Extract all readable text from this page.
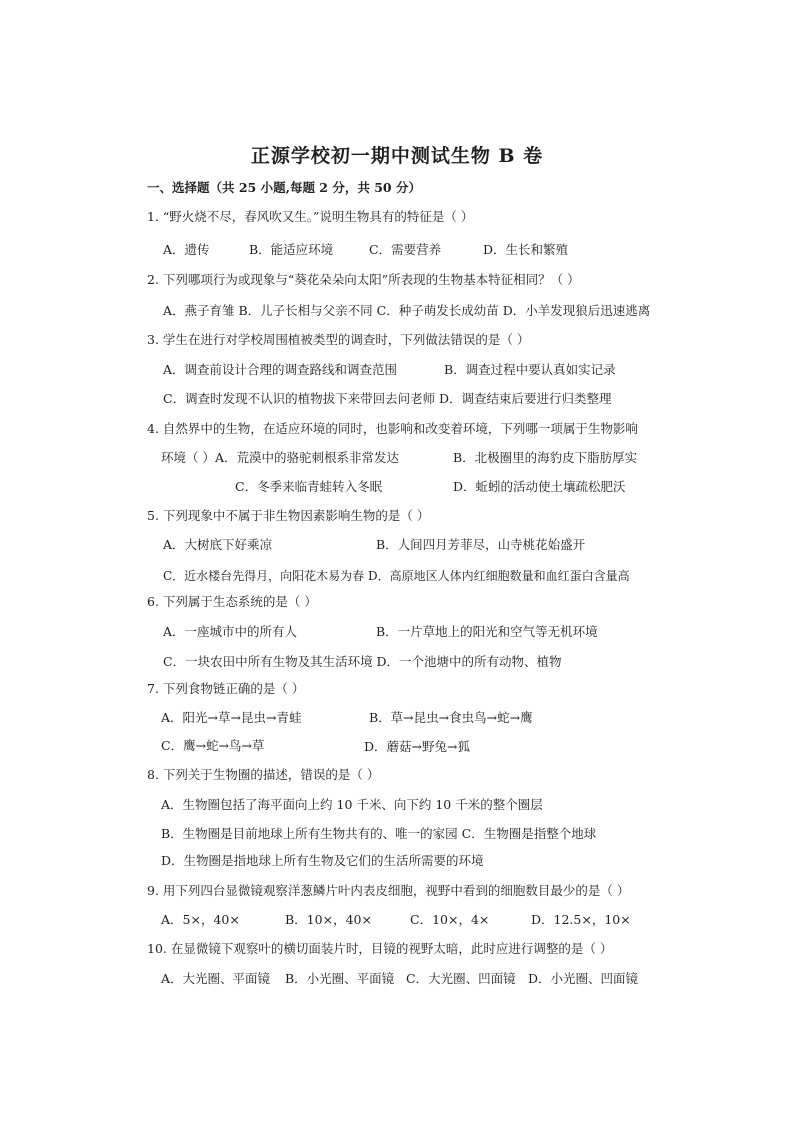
正源学校初一期中测试生物 B 卷
一、选择题（共 25 小题,每题 2 分，共 50 分）
1. “野火烧不尽，春风吹又生。”说明生物具有的特征是（ ）
A．遗传	B．能适应环境	C．需要营养	D．生长和繁殖
2. 下列哪项行为或现象与“葵花朵朵向太阳”所表现的生物基本特征相同？（ ）
A．燕子育雏 B．儿子长相与父亲不同 C．种子萌发长成幼苗 D．小羊发现狼后迅速逃离
3. 学生在进行对学校周围植被类型的调查时，下列做法错误的是（ ）
A．调查前设计合理的调查路线和调查范围	B．调查过程中要认真如实记录
C．调查时发现不认识的植物拔下来带回去问老师 D．调查结束后要进行归类整理
4. 自然界中的生物，在适应环境的同时，也影响和改变着环境，下列哪一项属于生物影响
环境（ ）A．荒漠中的骆驼刺根系非常发达	B．北极圈里的海豹皮下脂肪厚实
C．冬季来临青蛙转入冬眠	D．蚯蚓的活动使土壤疏松肥沃
5. 下列现象中不属于非生物因素影响生物的是（ ）
A．大树底下好乘凉	B．人间四月芳菲尽，山寺桃花始盛开
C．近水楼台先得月，向阳花木易为春 D．高原地区人体内红细胞数量和血红蛋白含量高
6. 下列属于生态系统的是（ ）
A．一座城市中的所有人	B．一片草地上的阳光和空气等无机环境
C．一块农田中所有生物及其生活环境 D．一个池塘中的所有动物、植物
7. 下列食物链正确的是（ ）
A．阳光→草→昆虫→青蛙	B．草→昆虫→食虫鸟→蛇→鹰
C．鹰→蛇→鸟→草	D．蘑菇→野兔→狐
8. 下列关于生物圈的描述，错误的是（ ）
A．生物圈包括了海平面向上约 10 千米、向下约 10 千米的整个圈层
B．生物圈是目前地球上所有生物共有的、唯一的家园 C．生物圈是指整个地球
D．生物圈是指地球上所有生物及它们的生活所需要的环境
9. 用下列四台显微镜观察洋葱鳞片叶内表皮细胞，视野中看到的细胞数目最少的是（ ）
A．5×，40×	B．10×，40×	C．10×，4×	D．12.5×，10×
10. 在显微镜下观察叶的横切面装片时，目镜的视野太暗，此时应进行调整的是（ ）
A．大光圈、平面镜 B．小光圈、平面镜 C．大光圈、凹面镜 D．小光圈、凹面镜
